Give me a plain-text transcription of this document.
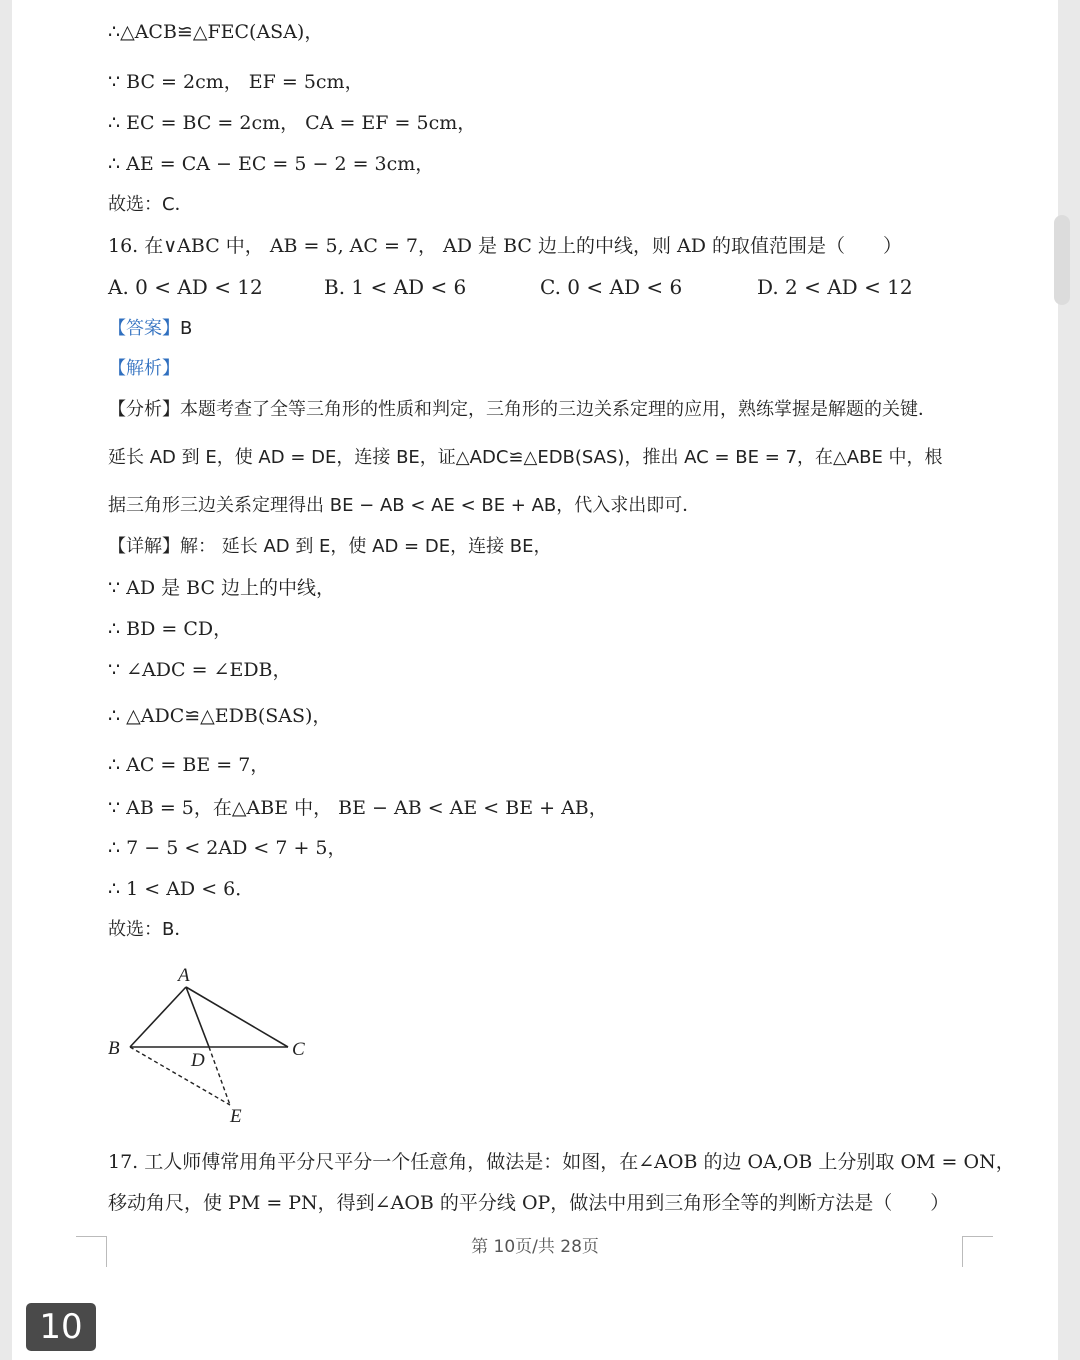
∴△ACB≌△FEC(ASA)，
∵ BC = 2cm， EF = 5cm，
∴ EC = BC = 2cm， CA = EF = 5cm，
∴ AE = CA − EC = 5 − 2 = 3cm，
故选：C．
16. 在∨ABC 中， AB = 5, AC = 7， AD 是 BC 边上的中线，则 AD 的取值范围是（　　）
A. 0 < AD < 12	B. 1 < AD < 6	C. 0 < AD < 6	D. 2 < AD < 12
【答案】B
【解析】
【分析】本题考查了全等三角形的性质和判定，三角形的三边关系定理的应用，熟练掌握是解题的关键．
延长 AD 到 E，使 AD = DE，连接 BE，证△ADC≌△EDB(SAS)，推出 AC = BE = 7，在△ABE 中，根
据三角形三边关系定理得出 BE − AB < AE < BE + AB，代入求出即可．
【详解】解： 延长 AD 到 E，使 AD = DE，连接 BE，
∵ AD 是 BC 边上的中线，
∴ BD = CD，
∵ ∠ADC = ∠EDB，
∴ △ADC≌△EDB(SAS)，
∴ AC = BE = 7，
∵ AB = 5，在△ABE 中， BE − AB < AE < BE + AB，
∴ 7 − 5 < 2AD < 7 + 5，
∴ 1 < AD < 6．
故选：B．
A
B	C
D
E
17. 工人师傅常用角平分尺平分一个任意角，做法是：如图，在∠AOB 的边 OA,OB 上分别取 OM = ON，
移动角尺，使 PM = PN，得到∠AOB 的平分线 OP，做法中用到三角形全等的判断方法是（　　）
第 10页/共 28页
10
